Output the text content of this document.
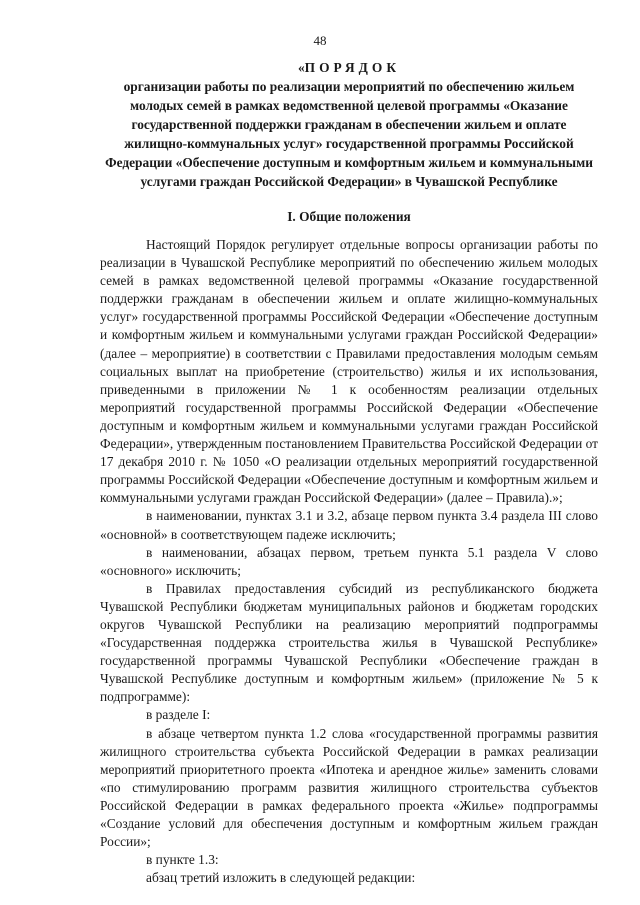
48
«ПОРЯДОК
организации работы по реализации мероприятий по обеспечению жильем молодых семей в рамках ведомственной целевой программы «Оказание государственной поддержки гражданам в обеспечении жильем и оплате жилищно-коммунальных услуг» государственной программы Российской Федерации «Обеспечение доступным и комфортным жильем и коммунальными услугами граждан Российской Федерации» в Чувашской Республике
I. Общие положения

Настоящий Порядок регулирует отдельные вопросы организации работы по реализации в Чувашской Республике мероприятий по обеспечению жильем молодых семей в рамках ведомственной целевой программы «Оказание государственной поддержки гражданам в обеспечении жильем и оплате жилищно-коммунальных услуг» государственной программы Российской Федерации «Обеспечение доступным и комфортным жильем и коммунальными услугами граждан Российской Федерации» (далее – мероприятие) в соответствии с Правилами предоставления молодым семьям социальных выплат на приобретение (строительство) жилья и их использования, приведенными в приложении № 1 к особенностям реализации отдельных мероприятий государственной программы Российской Федерации «Обеспечение доступным и комфортным жильем и коммунальными услугами граждан Российской Федерации», утвержденным постановлением Правительства Российской Федерации от 17 декабря 2010 г. № 1050 «О реализации отдельных мероприятий государственной программы Российской Федерации «Обеспечение доступным и комфортным жильем и коммунальными услугами граждан Российской Федерации» (далее – Правила).»;

в наименовании, пунктах 3.1 и 3.2, абзаце первом пункта 3.4 раздела III слово «основной» в соответствующем падеже исключить;

в наименовании, абзацах первом, третьем пункта 5.1 раздела V слово «основного» исключить;

в Правилах предоставления субсидий из республиканского бюджета Чувашской Республики бюджетам муниципальных районов и бюджетам городских округов Чувашской Республики на реализацию мероприятий подпрограммы «Государственная поддержка строительства жилья в Чувашской Республике» государственной программы Чувашской Республики «Обеспечение граждан в Чувашской Республике доступным и комфортным жильем» (приложение № 5 к подпрограмме):

в разделе I:

в абзаце четвертом пункта 1.2 слова «государственной программы развития жилищного строительства субъекта Российской Федерации в рамках реализации мероприятий приоритетного проекта «Ипотека и арендное жилье» заменить словами «по стимулированию программ развития жилищного строительства субъектов Российской Федерации в рамках федерального проекта «Жилье» подпрограммы «Создание условий для обеспечения доступным и комфортным жильем граждан России»;

в пункте 1.3:

абзац третий изложить в следующей редакции:
